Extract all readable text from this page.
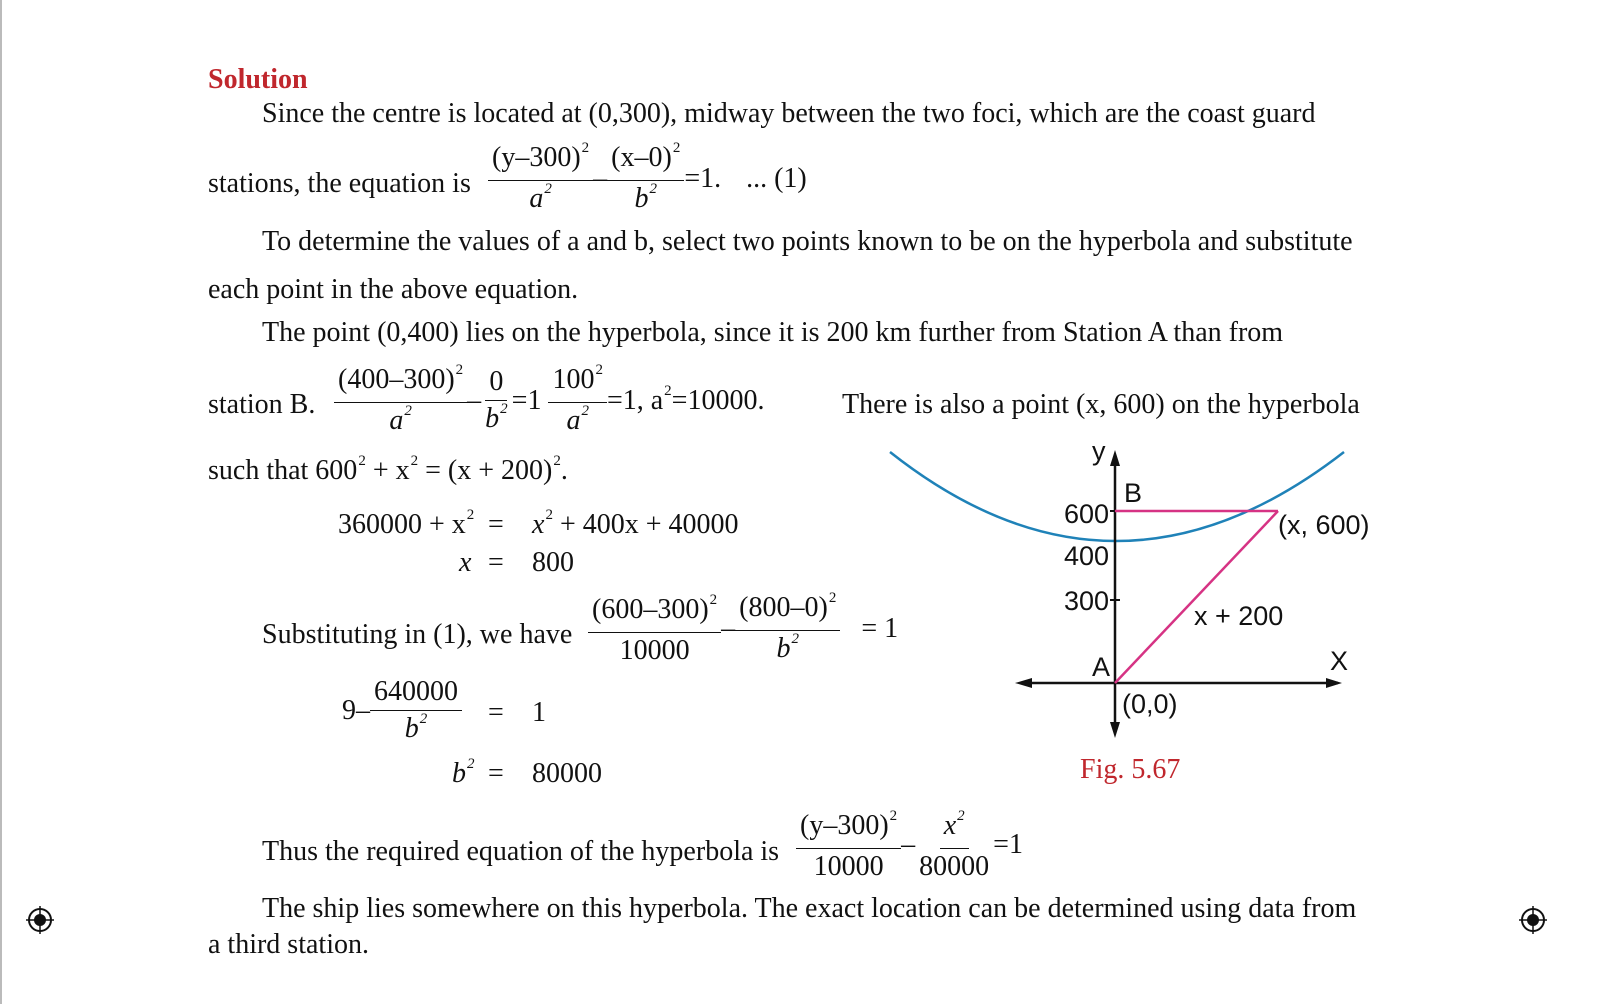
Solution
Since the centre is located at (0,300), midway between the two foci, which are the coast guard
stations, the equation is $\frac{(y-300)^2}{a^2} - \frac{(x-0)^2}{b^2} =1$. ... (1)
To determine the values of a and b, select two points known to be on the hyperbola and substitute
each point in the above equation.
The point (0,400) lies on the hyperbola, since it is 200 km further from Station A than from
station B. $\frac{(400-300)^2}{a^2} - \frac{0}{b^2} =1 \frac{100^2}{a^2} =1$, $a^2=10000$.	There is also a point (x, 600) on the hyperbola
such that $600^2 + x^2 = (x + 200)^2$.
$360000 + x^2 = x^2 + 400x + 40000$
x = 800
Substituting in (1), we have $\frac{(600-300)^2}{10000} - \frac{(800-0)^2}{b^2} = 1$
$9- \frac{640000}{b^2} = 1$
$b^2 = 80000$
Thus the required equation of the hyperbola is $\frac{(y-300)^2}{10000} - \frac{x^2}{80000} =1$
The ship lies somewhere on this hyperbola. The exact location can be determined using data from
a third station.
y
X
B
A
600
400
300
(x, 600)
x + 200
(0,0)
Fig. 5.67
